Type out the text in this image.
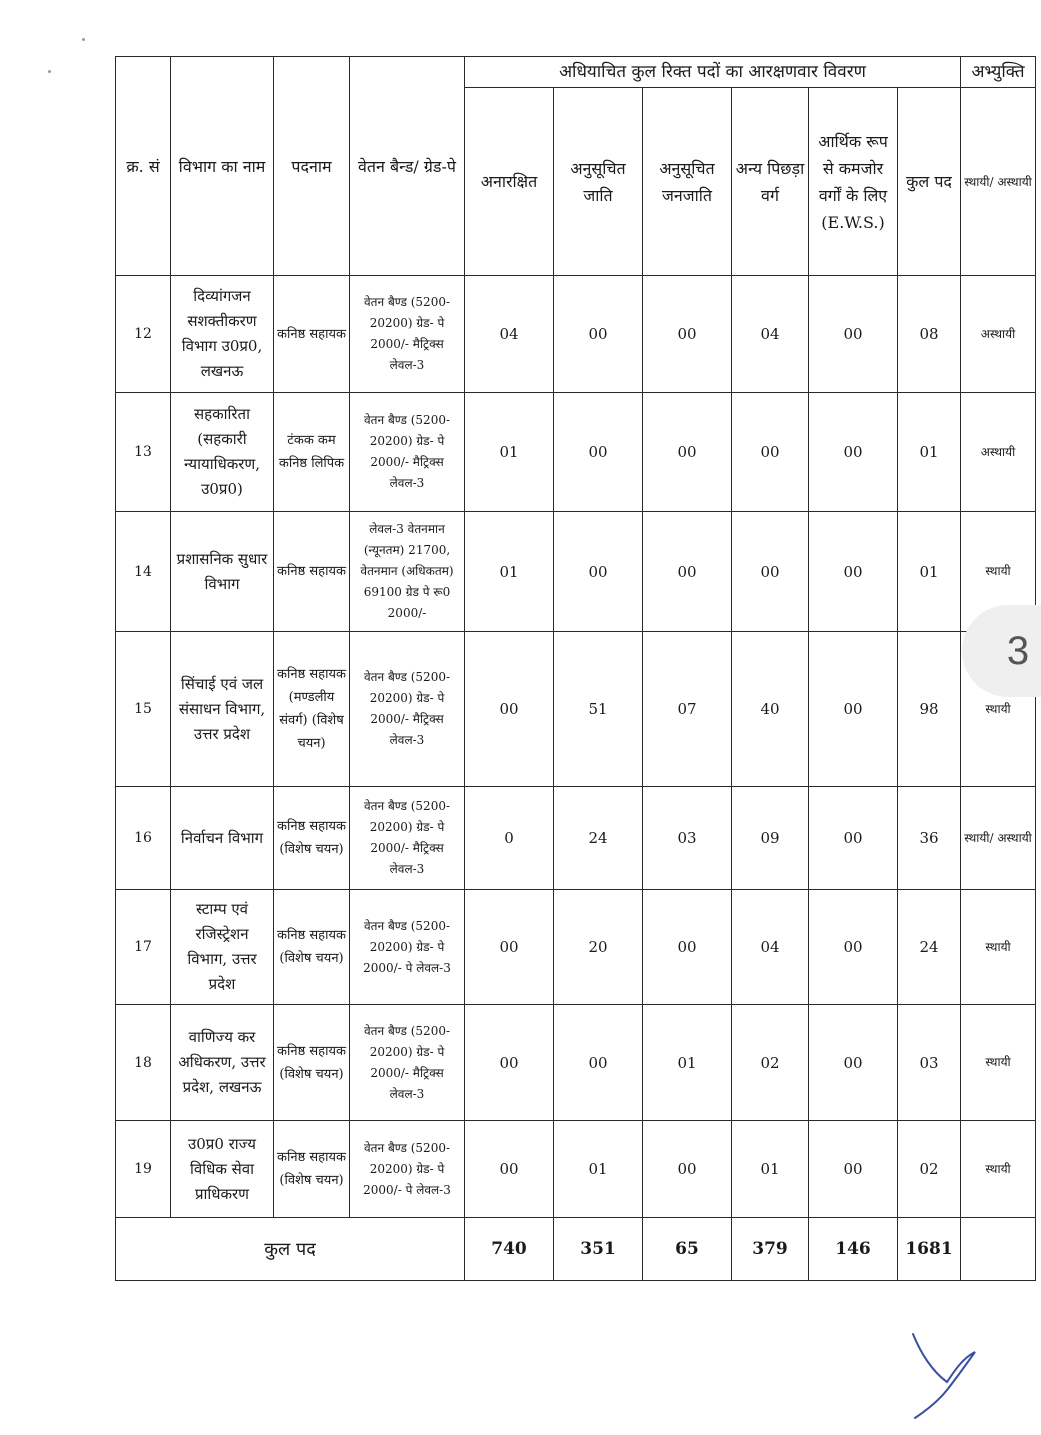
क्र. सं	विभाग का नाम	पदनाम	वेतन बैन्ड/ ग्रेड-पे	अधियाचित कुल रिक्त पदों का आरक्षणवार विवरण						अभ्युक्ति
				अनारक्षित	अनुसूचित जाति	अनुसूचित जनजाति	अन्य पिछड़ा वर्ग	आर्थिक रूप से कमजोर वर्गों के लिए (E.W.S.)	कुल पद	स्थायी/ अस्थायी
12	दिव्यांगजन सशक्तीकरण विभाग उ0प्र0, लखनऊ	कनिष्ठ सहायक	वेतन बैण्ड (5200-20200) ग्रेड- पे 2000/- मैट्रिक्स लेवल-3	04	00	00	04	00	08	अस्थायी
13	सहकारिता (सहकारी न्यायाधिकरण, उ0प्र0)	टंकक कम कनिष्ठ लिपिक	वेतन बैण्ड (5200-20200) ग्रेड- पे 2000/- मैट्रिक्स लेवल-3	01	00	00	00	00	01	अस्थायी
14	प्रशासनिक सुधार विभाग	कनिष्ठ सहायक	लेवल-3 वेतनमान (न्यूनतम) 21700, वेतनमान (अधिकतम) 69100 ग्रेड पे रू0 2000/-	01	00	00	00	00	01	स्थायी
15	सिंचाई एवं जल संसाधन विभाग, उत्तर प्रदेश	कनिष्ठ सहायक (मण्डलीय संवर्ग) (विशेष चयन)	वेतन बैण्ड (5200-20200) ग्रेड- पे 2000/- मैट्रिक्स लेवल-3	00	51	07	40	00	98	स्थायी
16	निर्वाचन विभाग	कनिष्ठ सहायक (विशेष चयन)	वेतन बैण्ड (5200-20200) ग्रेड- पे 2000/- मैट्रिक्स लेवल-3	0	24	03	09	00	36	स्थायी/ अस्थायी
17	स्टाम्प एवं रजिस्ट्रेशन विभाग, उत्तर प्रदेश	कनिष्ठ सहायक (विशेष चयन)	वेतन बैण्ड (5200-20200) ग्रेड- पे 2000/- पे लेवल-3	00	20	00	04	00	24	स्थायी
18	वाणिज्य कर अधिकरण, उत्तर प्रदेश, लखनऊ	कनिष्ठ सहायक (विशेष चयन)	वेतन बैण्ड (5200-20200) ग्रेड- पे 2000/- मैट्रिक्स लेवल-3	00	00	01	02	00	03	स्थायी
19	उ0प्र0 राज्य विधिक सेवा प्राधिकरण	कनिष्ठ सहायक (विशेष चयन)	वेतन बैण्ड (5200-20200) ग्रेड- पे 2000/- पे लेवल-3	00	01	00	01	00	02	स्थायी
कुल पद				740	351	65	379	146	1681	
3
